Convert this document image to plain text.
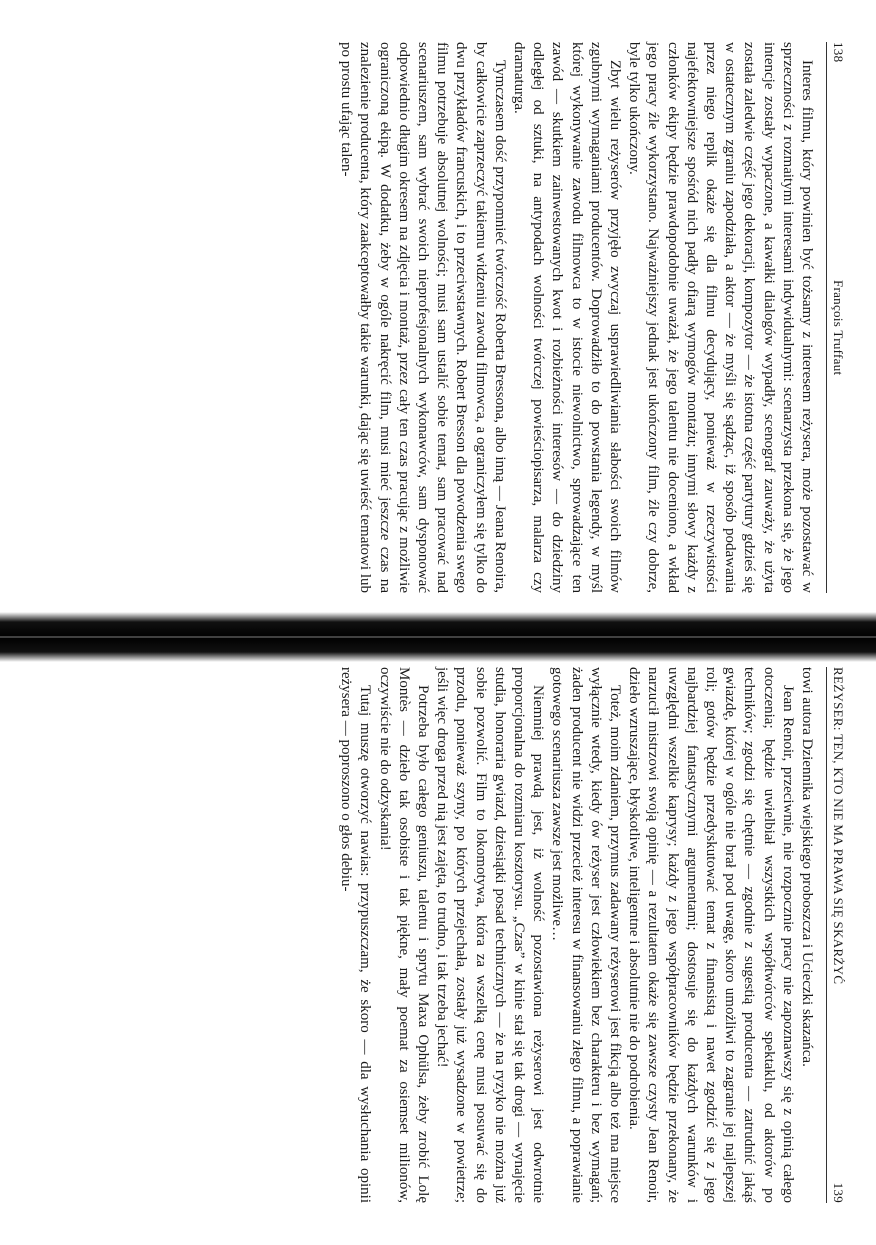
138
François Truffaut

Interes filmu, który powinien być tożsamy z interesem reżysera, może pozostawać w sprzeczności z rozmaitymi interesami indywidualnymi: scenarzysta przekona się, że jego intencje zostały wypaczone, a kawałki dialogów wypadły, scenograf zauważy, że użyta została zaledwie część jego dekoracji, kompozytor — że istotna część partytury gdzieś się w ostatecznym zgraniu zapodziała, a aktor — że myśli się sądząc, iż sposób podawania przez niego replik okaże się dla filmu decydujący, ponieważ w rzeczywistości najefektowniejsze spośród nich padły ofiarą wymogów montażu; innymi słowy każdy z członków ekipy będzie prawdopodobnie uważał, że jego talentu nie doceniono, a wkład jego pracy źle wykorzystano. Najważniejszy jednak jest ukończony film, źle czy dobrze, byle tylko ukończony.

Zbyt wielu reżyserów przyjęło zwyczaj usprawiedliwiania słabości swoich filmów zgubnymi wymaganiami producentów. Doprowadziło to do powstania legendy, w myśl której wykonywanie zawodu filmowca to w istocie niewolnictwo, sprowadzające ten zawód — skutkiem zainwestowanych kwot i rozbieżności interesów — do dziedziny odległej od sztuki, na antypodach wolności twórczej powieściopisarza, malarza czy dramaturga.

Tymczasem dość przypomnieć twórczość Roberta Bressona, albo inną — Jeana Renoira, by całkowicie zaprzeczyć takiemu widzeniu zawodu filmowca, a ograniczyłem się tylko do dwu przykładów francuskich, i to przeciwstawnych. Robert Bresson dla powodzenia swego filmu potrzebuje absolutnej wolności; musi sam ustalić sobie temat, sam pracować nad scenariuszem, sam wybrać swoich nieprofesjonalnych wykonawców, sam dysponować odpowiednio długim okresem na zdjęcia i montaż, przez cały ten czas pracując z możliwie ograniczoną ekipą. W dodatku, żeby w ogóle nakręcić film, musi mieć jeszcze czas na znalezienie producenta, który zaakceptowałby takie warunki, dając się uwieść tematowi lub po prostu ufając talen-

REŻYSER: TEN, KTO NIE MA PRAWA SIĘ SKARŻYĆ
139

towi autora Dziennika wiejskiego proboszcza i Ucieczki skazańca.

Jean Renoir, przeciwnie, nie rozpocznie pracy nie zapoznawszy się z opinią całego otoczenia; będzie uwielbiał wszystkich współtwórców spektaklu, od aktorów po techników; zgodzi się chętnie — zgodnie z sugestią producenta — zatrudnić jakąś gwiazdę, której w ogóle nie brał pod uwagę, skoro umożliwi to zagranie jej najlepszej roli; gotów będzie przedyskutować temat z finansistą i nawet zgodzić się z jego najbardziej fantastycznymi argumentami; dostosuje się do każdych warunków i uwzględni wszelkie kaprysy; każdy z jego współpracowników będzie przekonany, że narzucił mistrzowi swoją opinię — a rezultatem okaże się zawsze czysty Jean Renoir, dzieło wzruszające, błyskotliwe, inteligentne i absolutnie nie do podrobienia.

Toteż, moim zdaniem, przymus zadawany reżyserowi jest fikcją albo też ma miejsce wyłącznie wtedy, kiedy ów reżyser jest człowiekiem bez charakteru i bez wymagań; żaden producent nie widzi przecież interesu w finansowaniu złego filmu, a poprawianie gotowego scenariusza zawsze jest możliwe…

Niemniej prawdą jest, iż wolność pozostawiona reżyserowi jest odwrotnie proporcjonalna do rozmiaru kosztorysu. „Czas” w kinie stał się tak drogi — wynajęcie studia, honoraria gwiazd, dziesiątki posad technicznych — że na ryzyko nie można już sobie pozwolić. Film to lokomotywa, która za wszelką cenę musi posuwać się do przodu, ponieważ szyny, po których przejechała, zostały już wysadzone w powietrze; jeśli więc droga przed nią jest zajęta, to trudno, i tak trzeba jechać!

Potrzeba było całego geniuszu, talentu i sprytu Maxa Ophülsa, żeby zrobić Lolę Montès — dzieło tak osobiste i tak piękne, mały poemat za osiemset milionów, oczywiście nie do odzyskania!

Tutaj muszę otworzyć nawias: przypuszczam, że skoro — dla wysłuchania opinii reżysera — poproszono o głos debiu-
